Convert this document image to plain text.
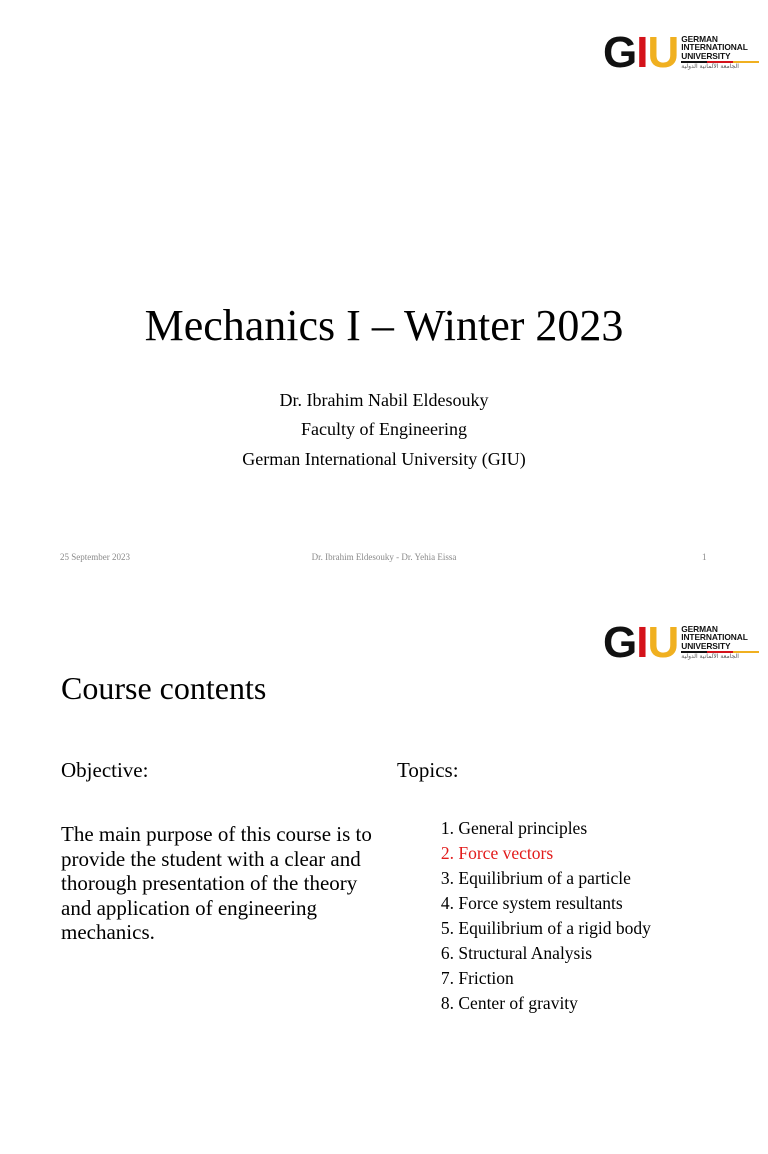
G I U GERMAN
INTERNATIONAL
UNIVERSITY
الجامعة الألمانية الدولية
Mechanics I – Winter 2023
Dr. Ibrahim Nabil Eldesouky
Faculty of Engineering
German International University (GIU)
25 September 2023	Dr. Ibrahim Eldesouky - Dr. Yehia Eissa	1
G I U GERMAN
INTERNATIONAL
UNIVERSITY
الجامعة الألمانية الدولية
Course contents
Objective:	Topics:
The main purpose of this course is to provide the student with a clear and thorough presentation of the theory and application of engineering mechanics.
1. General principles
2. Force vectors
3. Equilibrium of a particle
4. Force system resultants
5. Equilibrium of a rigid body
6. Structural Analysis
7. Friction
8. Center of gravity
